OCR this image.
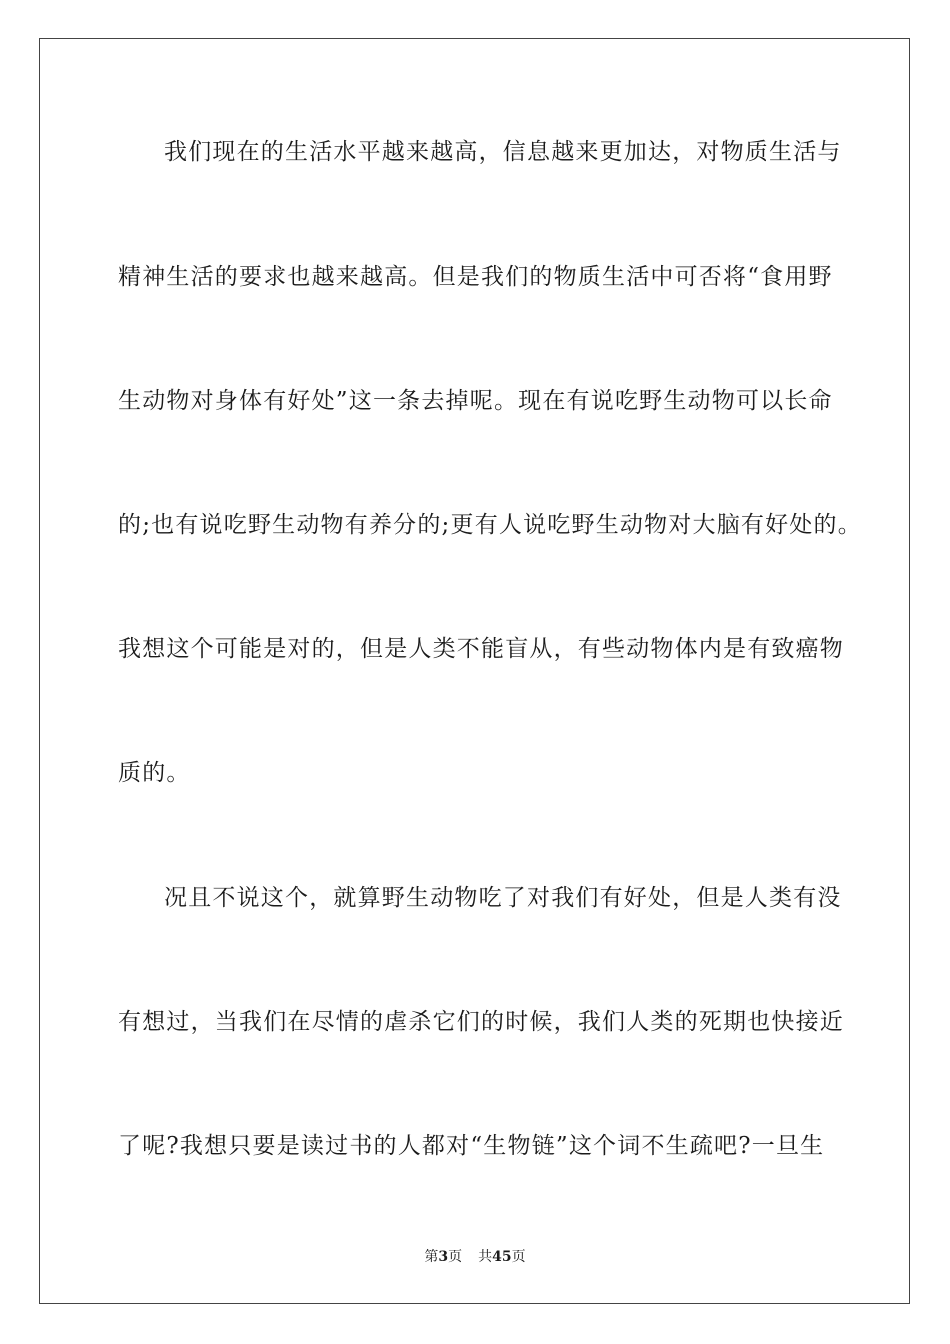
我们现在的生活水平越来越高，信息越来更加达，对物质生活与
精神生活的要求也越来越高。但是我们的物质生活中可否将“食用野
生动物对身体有好处”这一条去掉呢。现在有说吃野生动物可以长命
的;也有说吃野生动物有养分的;更有人说吃野生动物对大脑有好处的。
我想这个可能是对的，但是人类不能盲从，有些动物体内是有致癌物
质的。
况且不说这个，就算野生动物吃了对我们有好处，但是人类有没
有想过，当我们在尽情的虐杀它们的时候，我们人类的死期也快接近
了呢?我想只要是读过书的人都对“生物链”这个词不生疏吧?一旦生
第3页 共45页
